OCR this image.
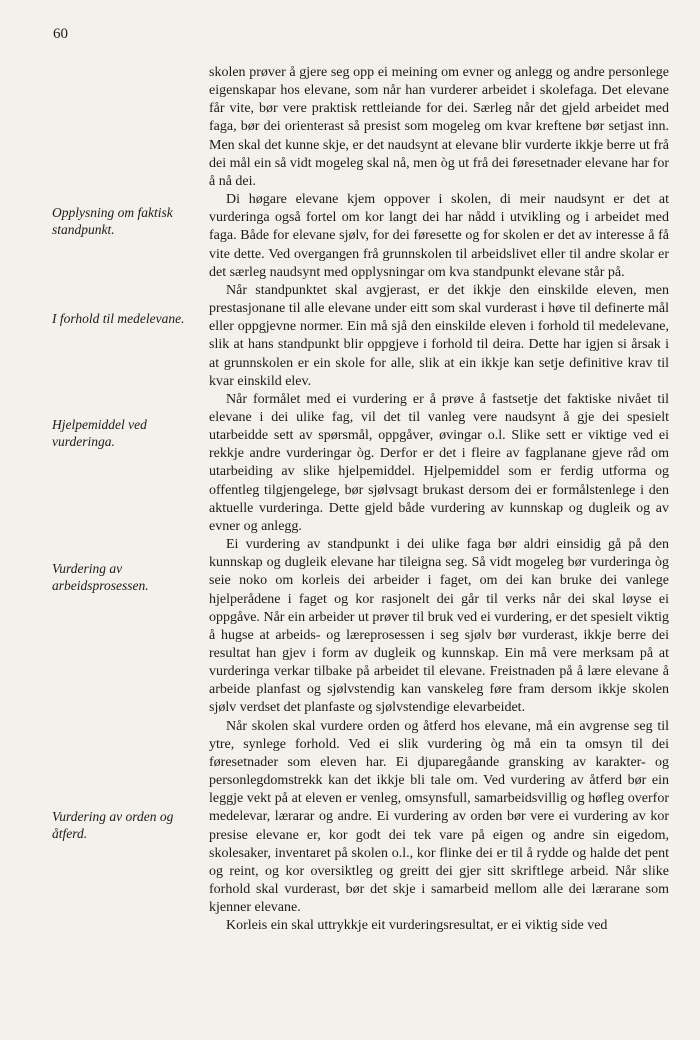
60
Opplysning om faktisk standpunkt.
I forhold til medelevane.
Hjelpemiddel ved vurderinga.
Vurdering av arbeidsprosessen.
Vurdering av orden og åtferd.

skolen prøver å gjere seg opp ei meining om evner og anlegg og andre personlege eigenskapar hos elevane, som når han vurderer arbeidet i skolefaga. Det elevane får vite, bør vere praktisk rettleiande for dei. Særleg når det gjeld arbeidet med faga, bør dei orienterast så presist som mogeleg om kvar kreftene bør setjast inn. Men skal det kunne skje, er det naudsynt at elevane blir vurderte ikkje berre ut frå dei mål ein så vidt mogeleg skal nå, men òg ut frå dei føresetnader elevane har for å nå dei.

Di høgare elevane kjem oppover i skolen, di meir naudsynt er det at vurderinga også fortel om kor langt dei har nådd i utvikling og i arbeidet med faga. Både for elevane sjølv, for dei føresette og for skolen er det av interesse å få vite dette. Ved overgangen frå grunnskolen til arbeidslivet eller til andre skolar er det særleg naudsynt med opplysningar om kva standpunkt elevane står på.

Når standpunktet skal avgjerast, er det ikkje den einskilde eleven, men prestasjonane til alle elevane under eitt som skal vurderast i høve til definerte mål eller oppgjevne normer. Ein må sjå den einskilde eleven i forhold til medelevane, slik at hans standpunkt blir oppgjeve i forhold til deira. Dette har igjen si årsak i at grunnskolen er ein skole for alle, slik at ein ikkje kan setje definitive krav til kvar einskild elev.

Når formålet med ei vurdering er å prøve å fastsetje det faktiske nivået til elevane i dei ulike fag, vil det til vanleg vere naudsynt å gje dei spesielt utarbeidde sett av spørsmål, oppgåver, øvingar o.l. Slike sett er viktige ved ei rekkje andre vurderingar òg. Derfor er det i fleire av fagplanane gjeve råd om utarbeiding av slike hjelpemiddel. Hjelpemiddel som er ferdig utforma og offentleg tilgjengelege, bør sjølvsagt brukast dersom dei er formålstenlege i den aktuelle vurderinga. Dette gjeld både vurdering av kunnskap og dugleik og av evner og anlegg.

Ei vurdering av standpunkt i dei ulike faga bør aldri einsidig gå på den kunnskap og dugleik elevane har tileigna seg. Så vidt mogeleg bør vurderinga òg seie noko om korleis dei arbeider i faget, om dei kan bruke dei vanlege hjelperådene i faget og kor rasjonelt dei går til verks når dei skal løyse ei oppgåve. Når ein arbeider ut prøver til bruk ved ei vurdering, er det spesielt viktig å hugse at arbeids- og læreprosessen i seg sjølv bør vurderast, ikkje berre dei resultat han gjev i form av dugleik og kunnskap. Ein må vere merksam på at vurderinga verkar tilbake på arbeidet til elevane. Freistnaden på å lære elevane å arbeide planfast og sjølvstendig kan vanskeleg føre fram dersom ikkje skolen sjølv verdset det planfaste og sjølvstendige elevarbeidet.

Når skolen skal vurdere orden og åtferd hos elevane, må ein avgrense seg til ytre, synlege forhold. Ved ei slik vurdering òg må ein ta omsyn til dei føresetnader som eleven har. Ei djuparegåande gransking av karakter- og personlegdomstrekk kan det ikkje bli tale om. Ved vurdering av åtferd bør ein leggje vekt på at eleven er venleg, omsynsfull, samarbeidsvillig og høfleg overfor medelevar, lærarar og andre. Ei vurdering av orden bør vere ei vurdering av kor presise elevane er, kor godt dei tek vare på eigen og andre sin eigedom, skolesaker, inventaret på skolen o.l., kor flinke dei er til å rydde og halde det pent og reint, og kor oversiktleg og greitt dei gjer sitt skriftlege arbeid. Når slike forhold skal vurderast, bør det skje i samarbeid mellom alle dei lærarane som kjenner elevane.

Korleis ein skal uttrykkje eit vurderingsresultat, er ei viktig side ved
